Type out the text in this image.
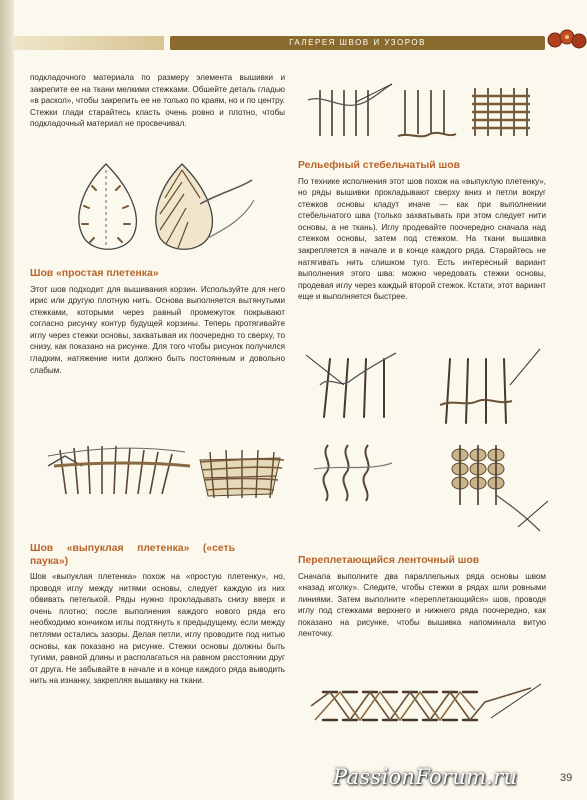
ГАЛЕРЕЯ ШВОВ И УЗОРОВ

подкладочного материала по размеру элемента вышивки и закрепите ее на ткани мелкими стежками. Обшейте деталь гладью «в раскол», чтобы закрепить ее не только по краям, но и по центру. Стежки глади старайтесь класть очень ровно и плотно, чтобы подкладочный материал не просвечивал.

Шов «простая плетенка»

Этот шов подходит для вышивания корзин. Используйте для него ирис или другую плотную нить. Основа выполняется вытянутыми стежками, которыми через равный промежуток покрывают согласно рисунку контур будущей корзины. Теперь протягивайте иглу через стежки основы, захватывая их поочередно то сверху, то снизу, как показано на рисунке. Для того чтобы рисунок получился гладким, натяжение нити должно быть постоянным и довольно слабым.

Шов «выпуклая плетенка» («сеть паука»)

Шов «выпуклая плетенка» похож на «простую плетенку», но, проводя иглу между нитями основы, следует каждую из них обвивать петелькой. Ряды нужно прокладывать снизу вверх и очень плотно; после выполнения каждого нового ряда его необходимо кончиком иглы подтянуть к предыдущему, если между петлями остались зазоры. Делая петли, иглу проводите под нитью основы, как показано на рисунке. Стежки основы должны быть тугими, равной длины и располагаться на равном расстоянии друг от друга. Не забывайте в начале и в конце каждого ряда выводить нить на изнанку, закрепляя вышивку на ткани.

Рельефный стебельчатый шов

По технике исполнения этот шов похож на «выпуклую плетенку», но ряды вышивки прокладывают сверху вниз и петли вокруг стежков основы кладут иначе — как при выполнении стебельчатого шва (только захватывать при этом следует нити основы, а не ткань). Иглу продевайте поочередно сначала над стежком основы, затем под стежком. На ткани вышивка закрепляется в начале и в конце каждого ряда. Старайтесь не натягивать нить слишком туго. Есть интересный вариант выполнения этого шва: можно чередовать стежки основы, продевая иглу через каждый второй стежок. Кстати, этот вариант еще и выполняется быстрее.

Переплетающийся ленточный шов

Сначала выполните два параллельных ряда основы швом «назад иголку». Следите, чтобы стежки в рядах шли ровными линиями. Затем выполните «переплетающийся» шов, проводя иглу под стежками верхнего и нижнего ряда поочередно, как показано на рисунке, чтобы вышивка напоминала витую ленточку.

PassionForum.ru	39
